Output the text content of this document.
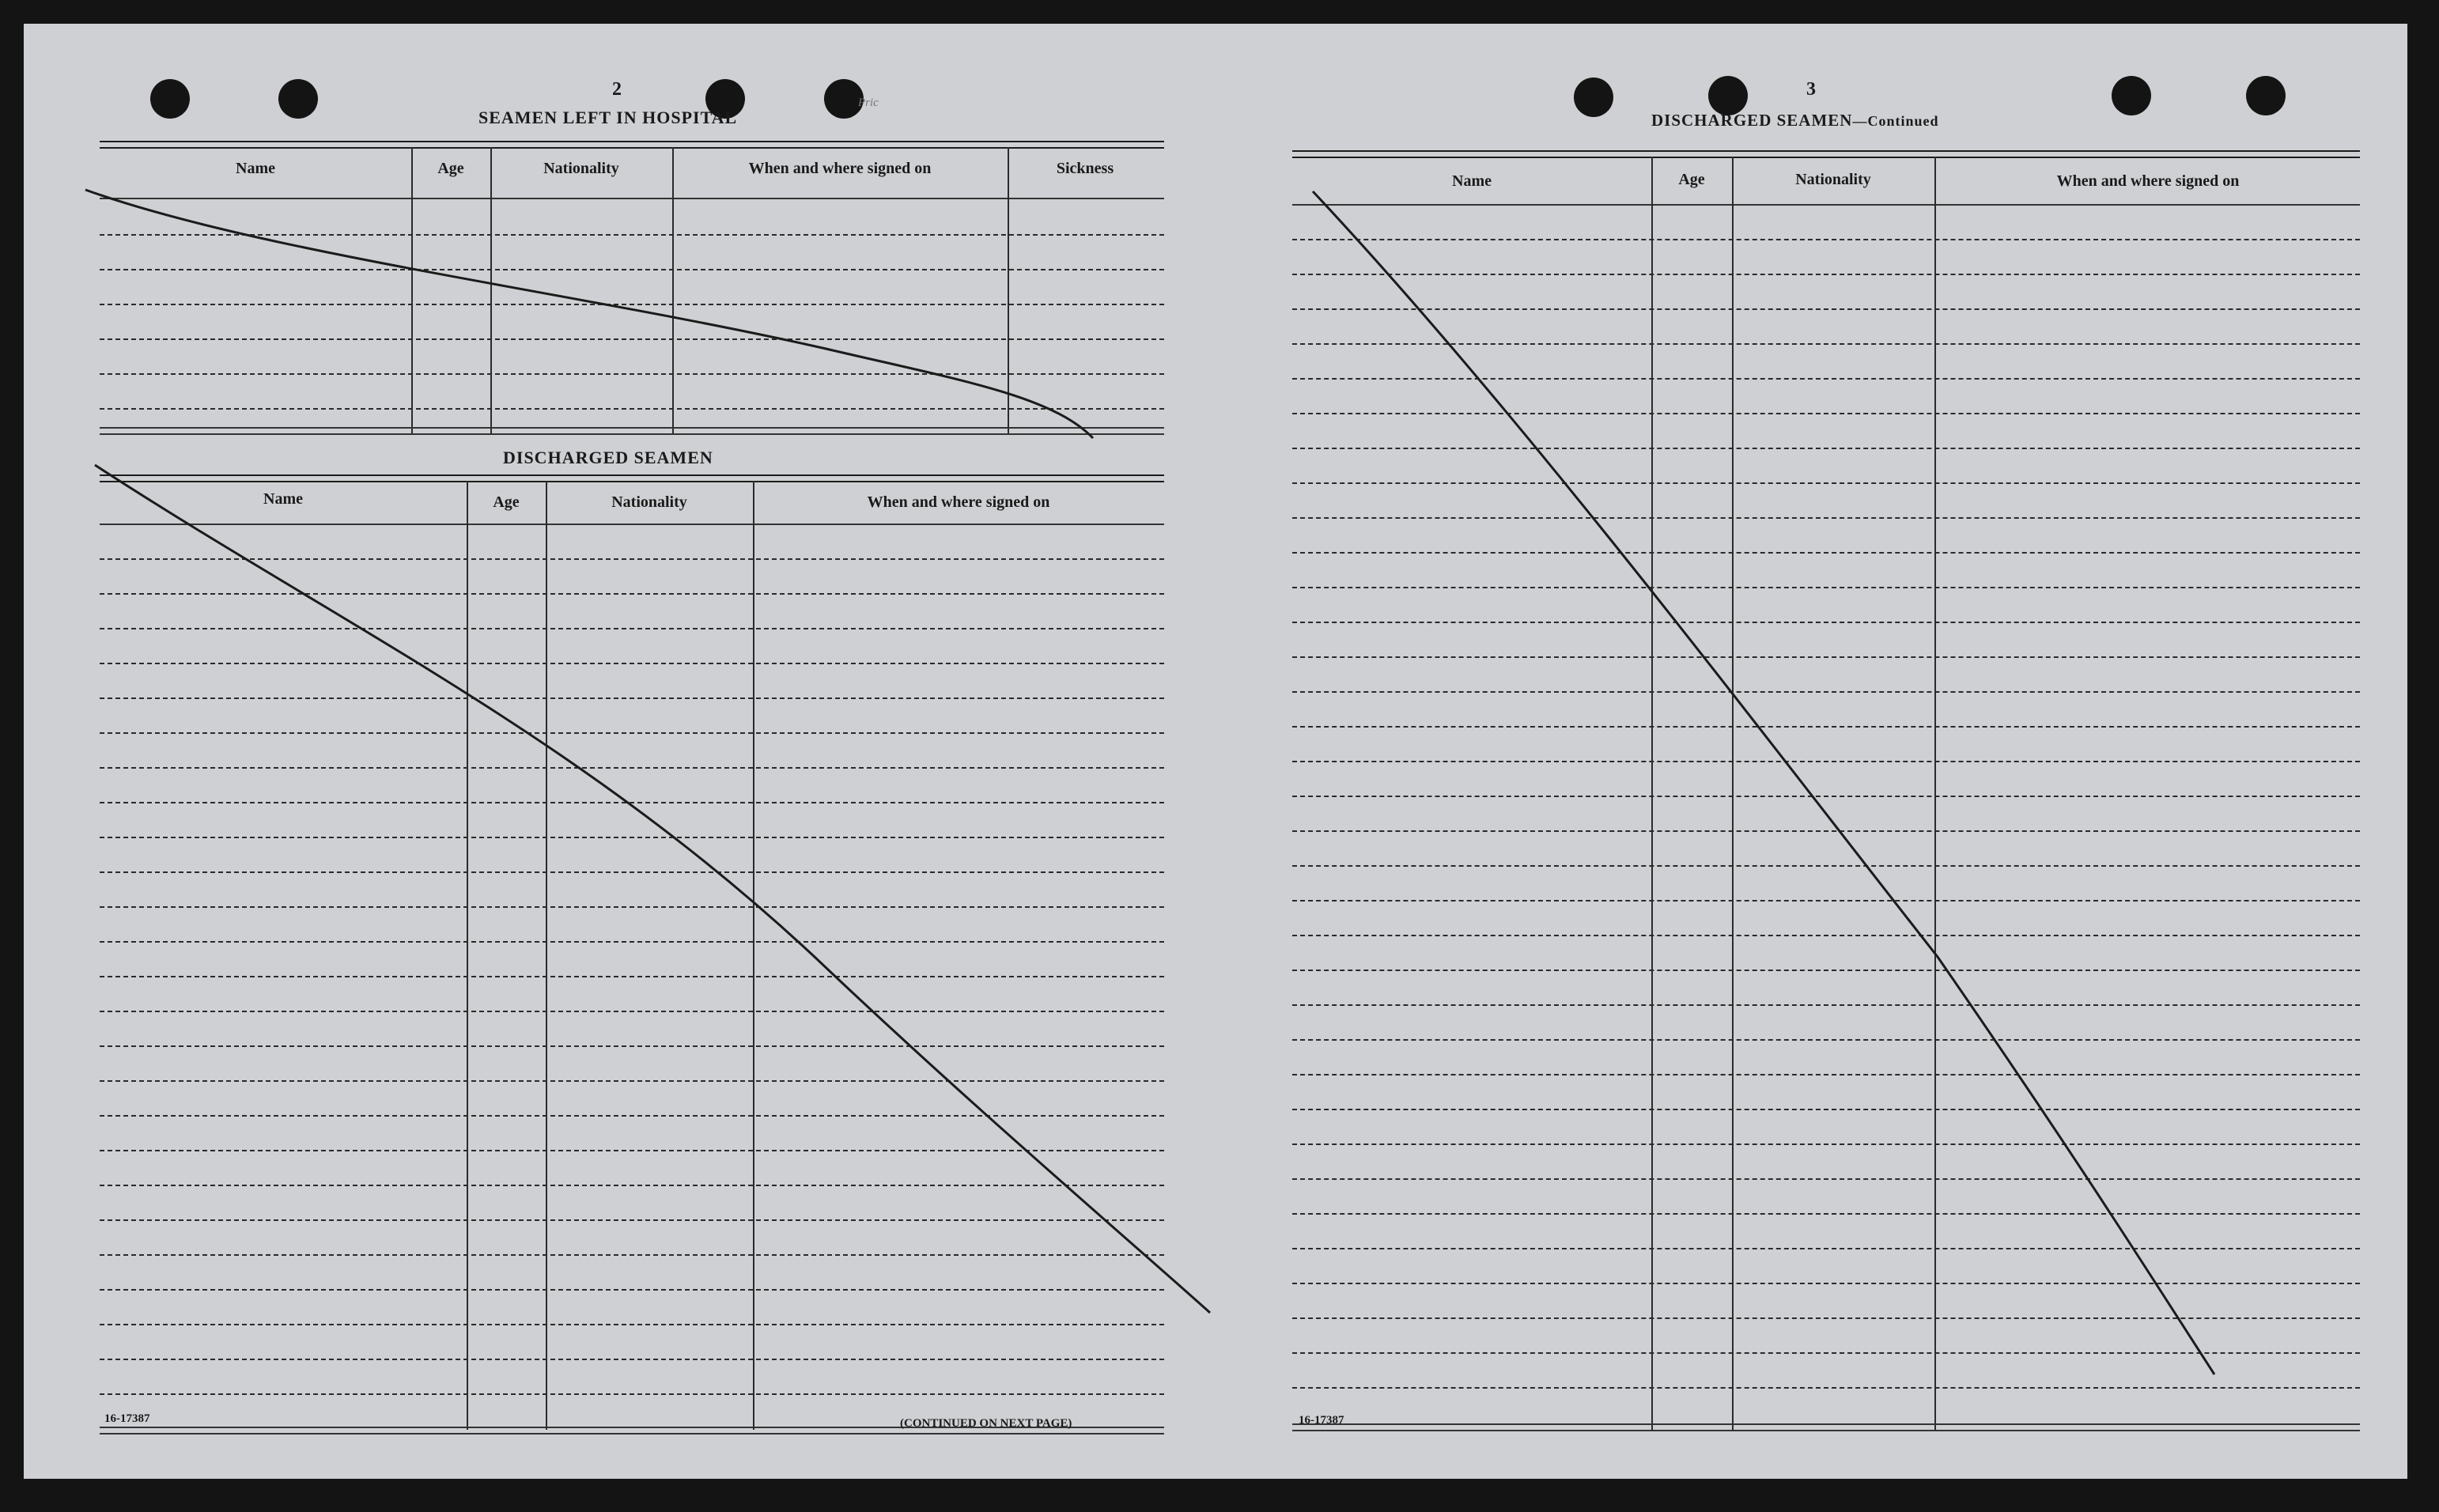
2
Pric
SEAMEN LEFT IN HOSPITAL
Name	Age	Nationality	When and where signed on	Sickness
DISCHARGED SEAMEN
Name	Age	Nationality	When and where signed on
16-17387	(CONTINUED ON NEXT PAGE)
3
DISCHARGED SEAMEN—Continued
Name	Age	Nationality	When and where signed on
16-17387
